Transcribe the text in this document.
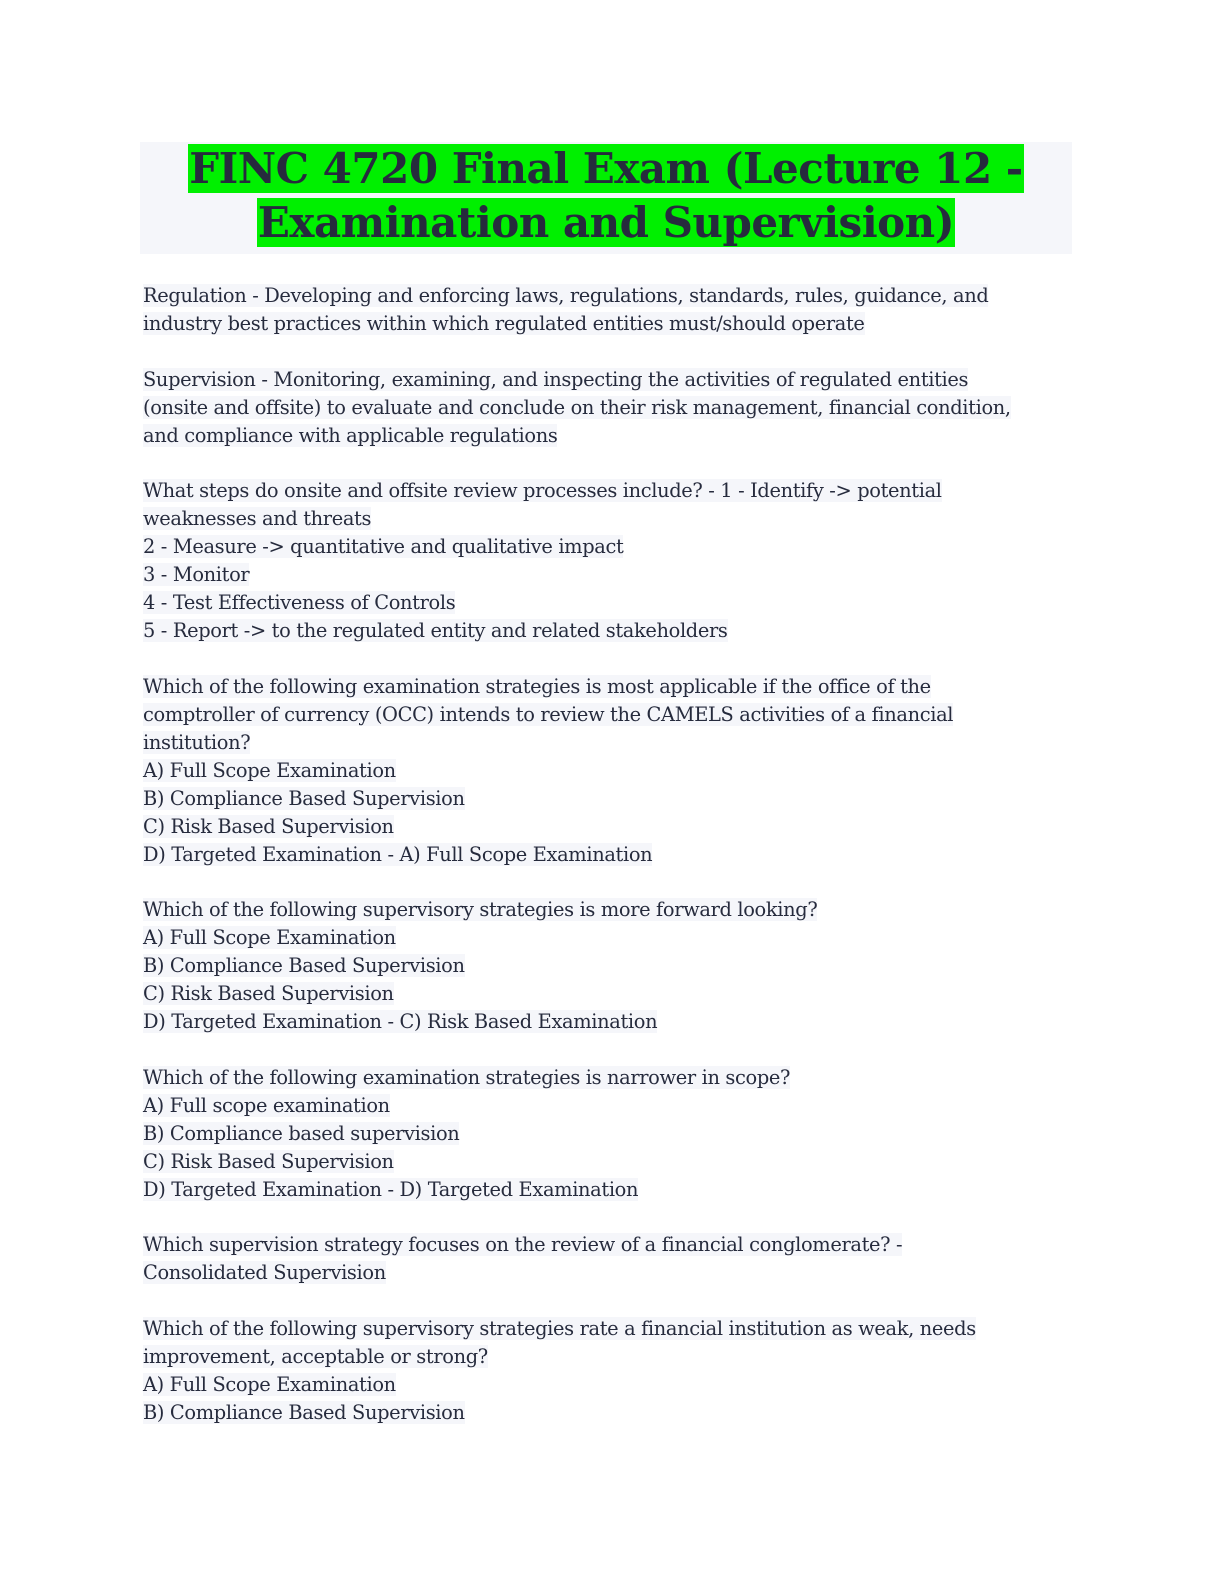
FINC 4720 Final Exam (Lecture 12 -
Examination and Supervision)
Regulation - Developing and enforcing laws, regulations, standards, rules, guidance, and
industry best practices within which regulated entities must/should operate
Supervision - Monitoring, examining, and inspecting the activities of regulated entities
(onsite and offsite) to evaluate and conclude on their risk management, financial condition,
and compliance with applicable regulations
What steps do onsite and offsite review processes include? - 1 - Identify -> potential
weaknesses and threats
2 - Measure -> quantitative and qualitative impact
3 - Monitor
4 - Test Effectiveness of Controls
5 - Report -> to the regulated entity and related stakeholders
Which of the following examination strategies is most applicable if the office of the
comptroller of currency (OCC) intends to review the CAMELS activities of a financial
institution?
A) Full Scope Examination
B) Compliance Based Supervision
C) Risk Based Supervision
D) Targeted Examination - A) Full Scope Examination
Which of the following supervisory strategies is more forward looking?
A) Full Scope Examination
B) Compliance Based Supervision
C) Risk Based Supervision
D) Targeted Examination - C) Risk Based Examination
Which of the following examination strategies is narrower in scope?
A) Full scope examination
B) Compliance based supervision
C) Risk Based Supervision
D) Targeted Examination - D) Targeted Examination
Which supervision strategy focuses on the review of a financial conglomerate? -
Consolidated Supervision
Which of the following supervisory strategies rate a financial institution as weak, needs
improvement, acceptable or strong?
A) Full Scope Examination
B) Compliance Based Supervision
